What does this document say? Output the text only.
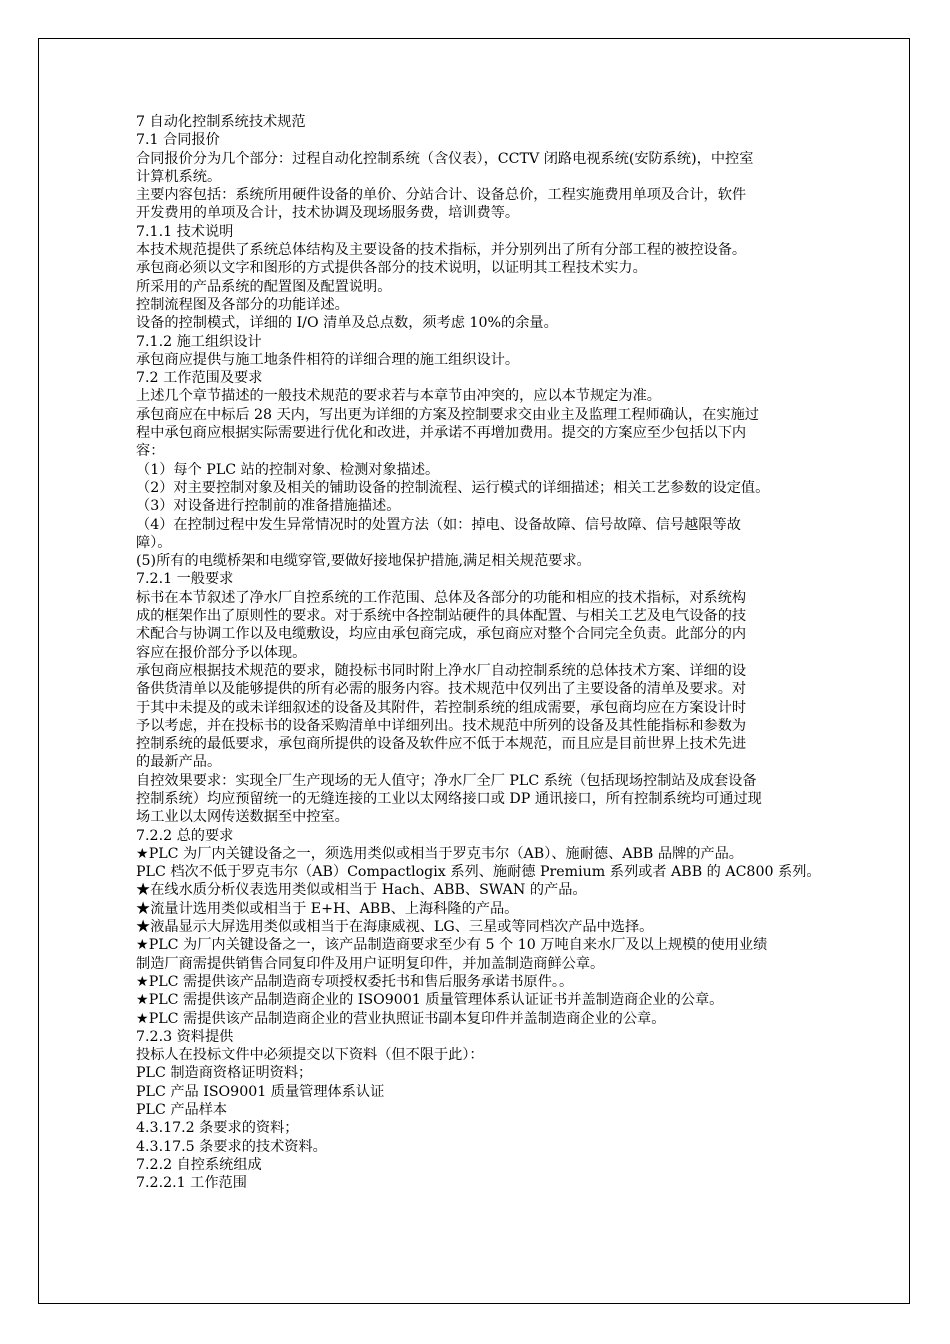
7 自动化控制系统技术规范
7.1 合同报价
合同报价分为几个部分：过程自动化控制系统（含仪表），CCTV 闭路电视系统(安防系统)，中控室
计算机系统。
主要内容包括：系统所用硬件设备的单价、分站合计、设备总价，工程实施费用单项及合计，软件
开发费用的单项及合计，技术协调及现场服务费，培训费等。
7.1.1 技术说明
本技术规范提供了系统总体结构及主要设备的技术指标，并分别列出了所有分部工程的被控设备。
承包商必须以文字和图形的方式提供各部分的技术说明，以证明其工程技术实力。
所采用的产品系统的配置图及配置说明。
控制流程图及各部分的功能详述。
设备的控制模式，详细的 I/O 清单及总点数，须考虑 10%的余量。
7.1.2 施工组织设计
承包商应提供与施工地条件相符的详细合理的施工组织设计。
7.2 工作范围及要求
上述几个章节描述的一般技术规范的要求若与本章节由冲突的，应以本节规定为准。
承包商应在中标后 28 天内，写出更为详细的方案及控制要求交由业主及监理工程师确认，在实施过
程中承包商应根据实际需要进行优化和改进，并承诺不再增加费用。提交的方案应至少包括以下内
容：
（1）每个 PLC 站的控制对象、检测对象描述。
（2）对主要控制对象及相关的铺助设备的控制流程、运行模式的详细描述；相关工艺参数的设定值。
（3）对设备进行控制前的准备措施描述。
（4）在控制过程中发生异常情况时的处置方法（如：掉电、设备故障、信号故障、信号越限等故
障）。
(5)所有的电缆桥架和电缆穿管,要做好接地保护措施,满足相关规范要求。
7.2.1 一般要求
标书在本节叙述了净水厂自控系统的工作范围、总体及各部分的功能和相应的技术指标，对系统构
成的框架作出了原则性的要求。对于系统中各控制站硬件的具体配置、与相关工艺及电气设备的技
术配合与协调工作以及电缆敷设，均应由承包商完成，承包商应对整个合同完全负责。此部分的内
容应在报价部分予以体现。
承包商应根据技术规范的要求，随投标书同时附上净水厂自动控制系统的总体技术方案、详细的设
备供货清单以及能够提供的所有必需的服务内容。技术规范中仅列出了主要设备的清单及要求。对
于其中未提及的或未详细叙述的设备及其附件，若控制系统的组成需要，承包商均应在方案设计时
予以考虑，并在投标书的设备采购清单中详细列出。技术规范中所列的设备及其性能指标和参数为
控制系统的最低要求，承包商所提供的设备及软件应不低于本规范，而且应是目前世界上技术先进
的最新产品。
自控效果要求：实现全厂生产现场的无人值守；净水厂全厂 PLC 系统（包括现场控制站及成套设备
控制系统）均应预留统一的无缝连接的工业以太网络接口或 DP 通讯接口，所有控制系统均可通过现
场工业以太网传送数据至中控室。
7.2.2 总的要求
★PLC 为厂内关键设备之一，须选用类似或相当于罗克韦尔（AB）、施耐德、ABB 品牌的产品。
PLC 档次不低于罗克韦尔（AB）Compactlogix 系列、施耐德 Premium 系列或者 ABB 的 AC800 系列。
★在线水质分析仪表选用类似或相当于 Hach、ABB、SWAN 的产品。
★流量计选用类似或相当于 E+H、ABB、上海科隆的产品。
★液晶显示大屏选用类似或相当于在海康威视、LG、三星或等同档次产品中选择。
★PLC 为厂内关键设备之一，该产品制造商要求至少有 5 个 10 万吨自来水厂及以上规模的使用业绩
制造厂商需提供销售合同复印件及用户证明复印件，并加盖制造商鲜公章。
★PLC 需提供该产品制造商专项授权委托书和售后服务承诺书原件。。
★PLC 需提供该产品制造商企业的 ISO9001 质量管理体系认证证书并盖制造商企业的公章。
★PLC 需提供该产品制造商企业的营业执照证书副本复印件并盖制造商企业的公章。
7.2.3 资料提供
投标人在投标文件中必须提交以下资料（但不限于此）：
PLC 制造商资格证明资料；
PLC 产品 ISO9001 质量管理体系认证
PLC 产品样本
4.3.17.2 条要求的资料；
4.3.17.5 条要求的技术资料。
7.2.2 自控系统组成
7.2.2.1 工作范围
